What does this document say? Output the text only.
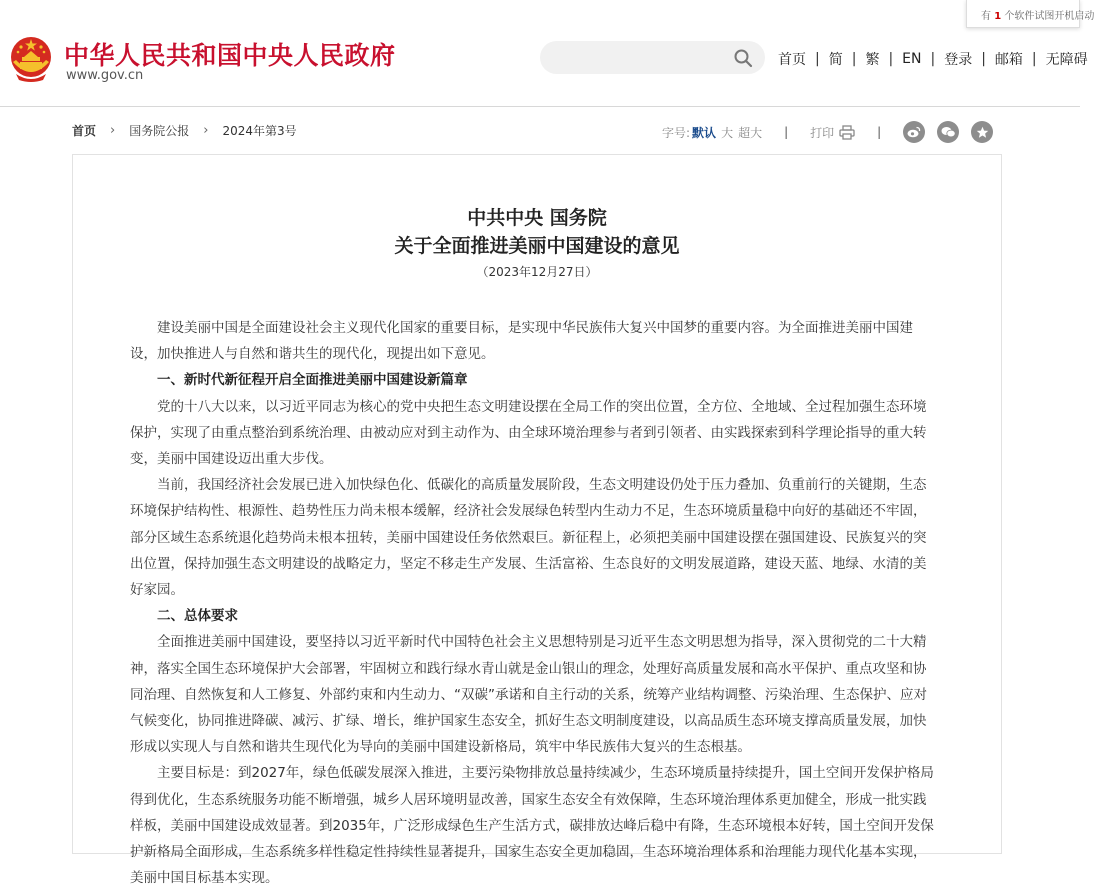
有 1 个软件试图开机启动
中华人民共和国中央人民政府
www.gov.cn
首页 | 简 | 繁 | EN | 登录 | 邮箱 | 无障碍
首页 › 国务院公报 › 2024年第3号	字号: 默认 大 超大 | 打印	|
中共中央 国务院
关于全面推进美丽中国建设的意见
（2023年12月27日）

建设美丽中国是全面建设社会主义现代化国家的重要目标，是实现中华民族伟大复兴中国梦的重要内容。为全面推进美丽中国建设，加快推进人与自然和谐共生的现代化，现提出如下意见。

一、新时代新征程开启全面推进美丽中国建设新篇章

党的十八大以来，以习近平同志为核心的党中央把生态文明建设摆在全局工作的突出位置，全方位、全地域、全过程加强生态环境保护，实现了由重点整治到系统治理、由被动应对到主动作为、由全球环境治理参与者到引领者、由实践探索到科学理论指导的重大转变，美丽中国建设迈出重大步伐。

当前，我国经济社会发展已进入加快绿色化、低碳化的高质量发展阶段，生态文明建设仍处于压力叠加、负重前行的关键期，生态环境保护结构性、根源性、趋势性压力尚未根本缓解，经济社会发展绿色转型内生动力不足，生态环境质量稳中向好的基础还不牢固，部分区域生态系统退化趋势尚未根本扭转，美丽中国建设任务依然艰巨。新征程上，必须把美丽中国建设摆在强国建设、民族复兴的突出位置，保持加强生态文明建设的战略定力，坚定不移走生产发展、生活富裕、生态良好的文明发展道路，建设天蓝、地绿、水清的美好家园。

二、总体要求

全面推进美丽中国建设，要坚持以习近平新时代中国特色社会主义思想特别是习近平生态文明思想为指导，深入贯彻党的二十大精神，落实全国生态环境保护大会部署，牢固树立和践行绿水青山就是金山银山的理念，处理好高质量发展和高水平保护、重点攻坚和协同治理、自然恢复和人工修复、外部约束和内生动力、“双碳”承诺和自主行动的关系，统筹产业结构调整、污染治理、生态保护、应对气候变化，协同推进降碳、减污、扩绿、增长，维护国家生态安全，抓好生态文明制度建设，以高品质生态环境支撑高质量发展，加快形成以实现人与自然和谐共生现代化为导向的美丽中国建设新格局，筑牢中华民族伟大复兴的生态根基。

主要目标是：到2027年，绿色低碳发展深入推进，主要污染物排放总量持续减少，生态环境质量持续提升，国土空间开发保护格局得到优化，生态系统服务功能不断增强，城乡人居环境明显改善，国家生态安全有效保障，生态环境治理体系更加健全，形成一批实践样板，美丽中国建设成效显著。到2035年，广泛形成绿色生产生活方式，碳排放达峰后稳中有降，生态环境根本好转，国土空间开发保护新格局全面形成，生态系统多样性稳定性持续性显著提升，国家生态安全更加稳固，生态环境治理体系和治理能力现代化基本实现，美丽中国目标基本实现。
